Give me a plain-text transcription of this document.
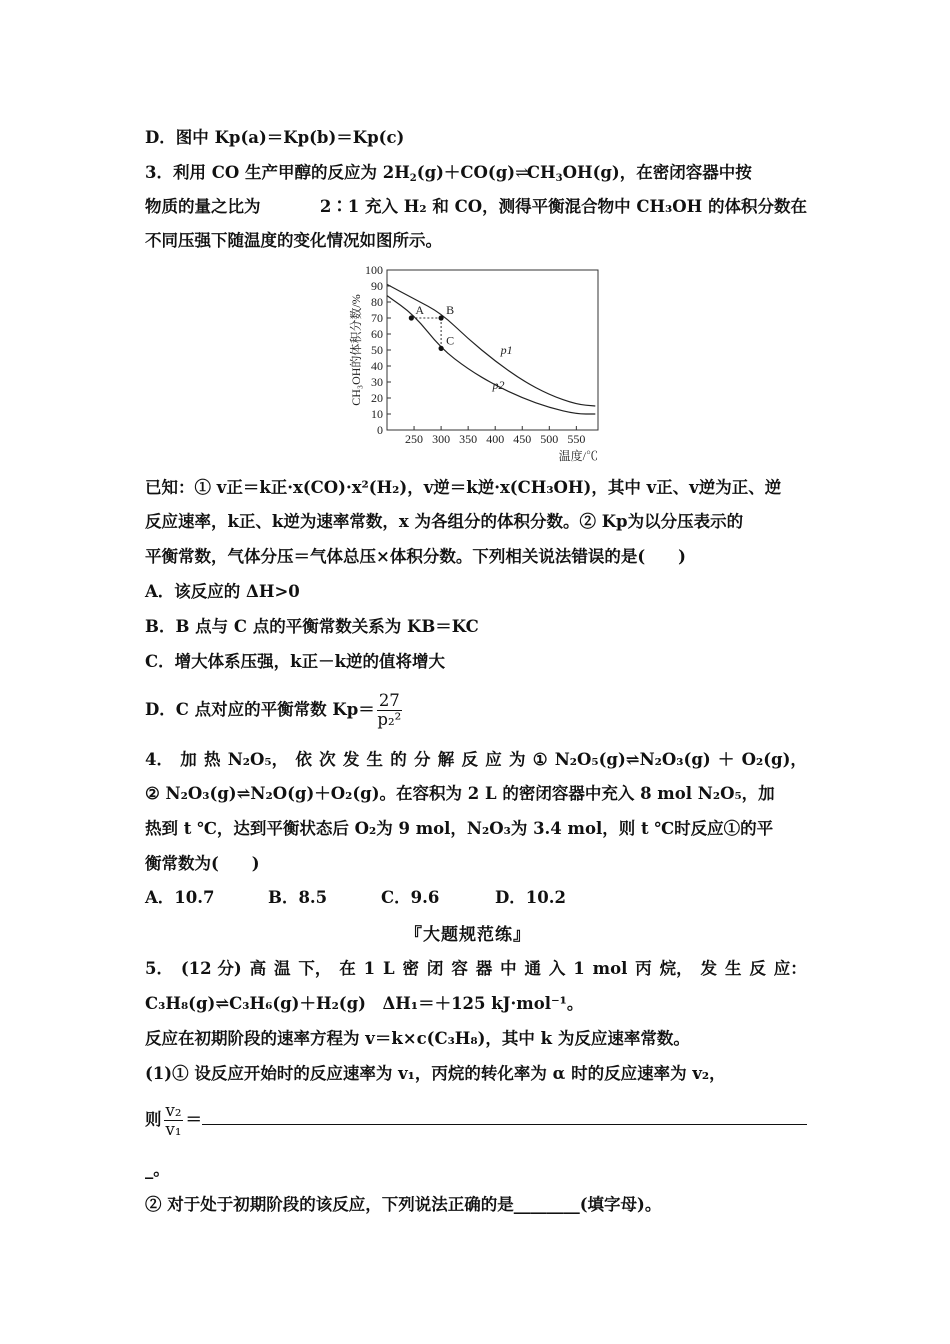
D．图中 Kp(a)＝Kp(b)＝Kp(c)
3．利用 CO 生产甲醇的反应为 $2H_2(g)+CO(g)\rightleftharpoons CH_3OH(g)$，在密闭容器中按
物质的量之比为	2∶1 充入 H₂ 和 CO，测得平衡混合物中 CH₃OH 的体积分数在
不同压强下随温度的变化情况如图所示。
0
10
20
30
40
50
60
70
80
90
100
250 300 350 400 450 500 550
温度/℃
CH₃OH的体积分数/%	p1
p2
A B
C
已知：① v正＝k正·x(CO)·x²(H₂)，v逆＝k逆·x(CH₃OH)，其中 v正、v逆为正、逆
反应速率，k正、k逆为速率常数，x 为各组分的体积分数。② Kp为以分压表示的
平衡常数，气体分压＝气体总压×体积分数。下列相关说法错误的是(　　)
A．该反应的 ΔH>0
B．B 点与 C 点的平衡常数关系为 KB＝KC
C．增大体系压强，k正－k逆的值将增大
D．C 点对应的平衡常数 $Kp= \frac{27}{\text{p₂²}}$
4． 加 热 N₂O₅， 依 次 发 生 的 分 解 反 应 为 ① N₂O₅(g)⇌N₂O₃(g) ＋ O₂(g)，
② N₂O₃(g)⇌N₂O(g)＋O₂(g)。在容积为 2 L 的密闭容器中充入 8 mol N₂O₅，加
热到 t ℃，达到平衡状态后 O₂为 9 mol，N₂O₃为 3.4 mol，则 t ℃时反应①的平
衡常数为(　　)
A．10.7	B．8.5	C．9.6	D．10.2
『大题规范练』
5． (12 分) 高 温 下， 在 1 L 密 闭 容 器 中 通 入 1 mol 丙 烷， 发 生 反 应：
C₃H₈(g)⇌C₃H₆(g)＋H₂(g)　ΔH₁＝＋125 kJ·mol⁻¹。
反应在初期阶段的速率方程为 v＝k×c(C₃H₈)，其中 k 为反应速率常数。
(1)① 设反应开始时的反应速率为 v₁，丙烷的转化率为 α 时的反应速率为 v₂，
则 $\frac{\text{v₂}}{\text{v₁}}$ ＝
_。
② 对于处于初期阶段的该反应，下列说法正确的是________(填字母)。
